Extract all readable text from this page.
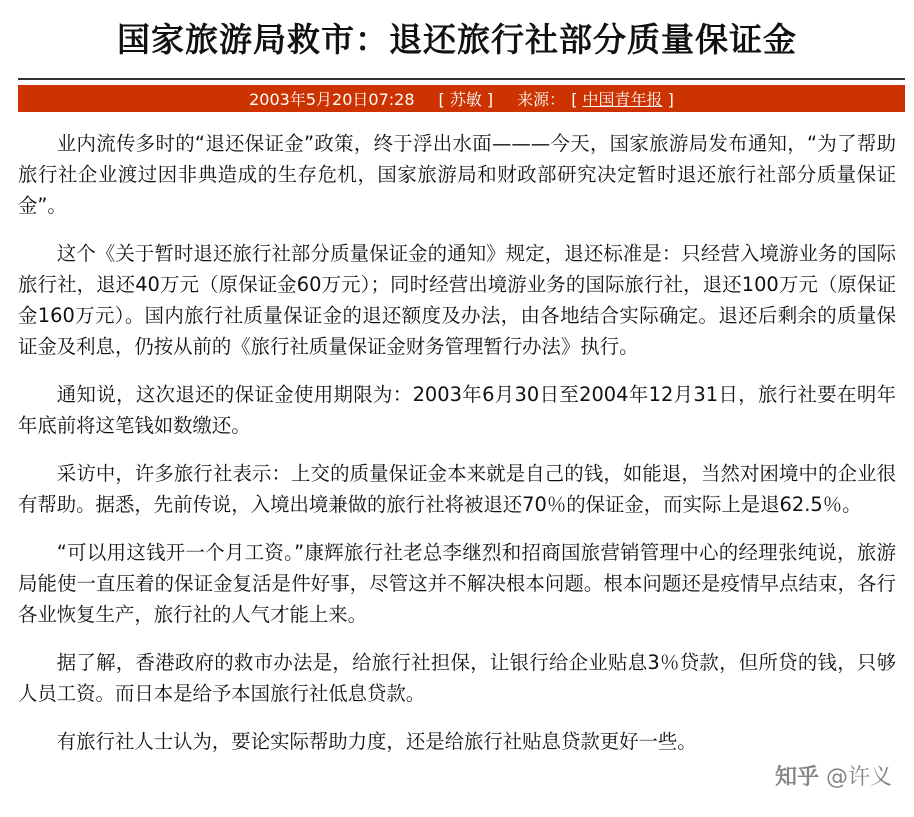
国家旅游局救市：退还旅行社部分质量保证金
2003年5月20日07:28 [ 苏敏 ] 来源： [ 中国青年报 ]

业内流传多时的“退还保证金”政策，终于浮出水面———今天，国家旅游局发布通知，“为了帮助旅行社企业渡过因非典造成的生存危机，国家旅游局和财政部研究决定暂时退还旅行社部分质量保证金”。

这个《关于暂时退还旅行社部分质量保证金的通知》规定，退还标准是：只经营入境游业务的国际旅行社，退还40万元（原保证金60万元）；同时经营出境游业务的国际旅行社，退还100万元（原保证金160万元）。国内旅行社质量保证金的退还额度及办法，由各地结合实际确定。退还后剩余的质量保证金及利息，仍按从前的《旅行社质量保证金财务管理暂行办法》执行。

通知说，这次退还的保证金使用期限为：2003年6月30日至2004年12月31日，旅行社要在明年年底前将这笔钱如数缴还。

采访中，许多旅行社表示：上交的质量保证金本来就是自己的钱，如能退，当然对困境中的企业很有帮助。据悉，先前传说，入境出境兼做的旅行社将被退还70％的保证金，而实际上是退62.5％。

“可以用这钱开一个月工资。”康辉旅行社老总李继烈和招商国旅营销管理中心的经理张纯说，旅游局能使一直压着的保证金复活是件好事，尽管这并不解决根本问题。根本问题还是疫情早点结束，各行各业恢复生产，旅行社的人气才能上来。

据了解，香港政府的救市办法是，给旅行社担保，让银行给企业贴息3％贷款，但所贷的钱，只够人员工资。而日本是给予本国旅行社低息贷款。

有旅行社人士认为，要论实际帮助力度，还是给旅行社贴息贷款更好一些。

知乎 @许义
